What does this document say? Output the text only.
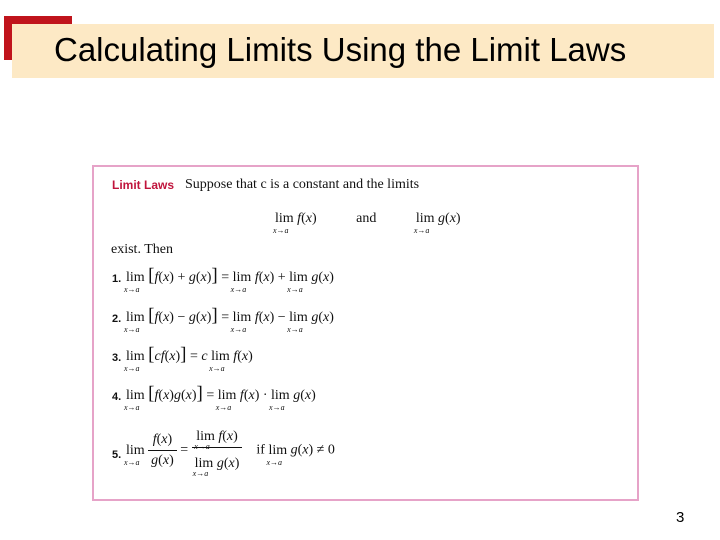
Calculating Limits Using the Limit Laws
Limit Laws Suppose that c is a constant and the limits
lim
x→a
f(x)	and	lim
x→a
g(x)
exist. Then
1. lim
x→a
[f(x) + g(x)] = lim
x→a
f(x) + lim
x→a
g(x)
2. lim
x→a
[f(x) − g(x)] = lim
x→a
f(x) − lim
x→a
g(x)
3. lim
x→a
[cf(x)] = c lim
x→a
f(x)
4. lim
x→a
[f(x)g(x)] = lim
x→a
f(x) · lim
x→a
g(x)
5. lim
x→a
$\frac{f(x)}{g(x)} = \lim$
x→a
f(x)
lim
x→a
g(x) if lim
x→a
g(x) ≠ 0
3
